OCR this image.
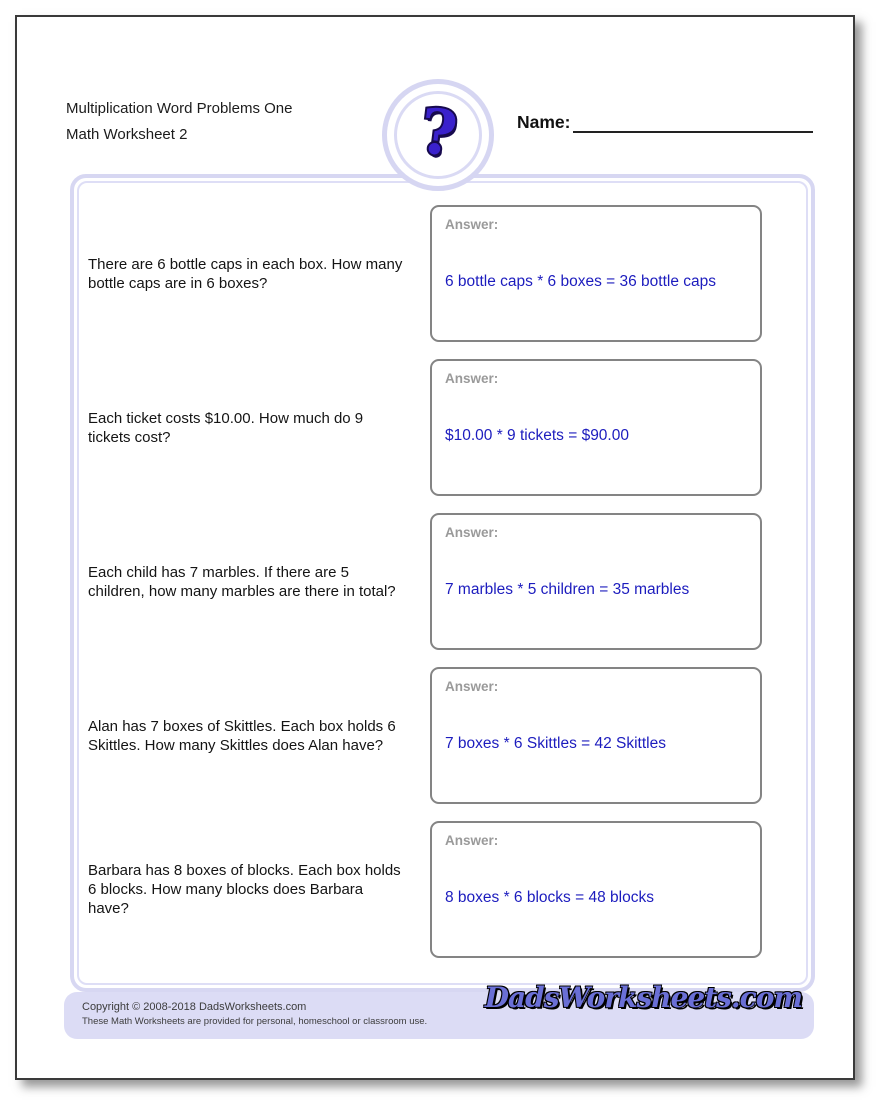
Multiplication Word Problems One
Math Worksheet 2	?	Name:
There are 6 bottle caps in each box. How many bottle caps are in 6 boxes?
Answer:
6 bottle caps * 6 boxes = 36 bottle caps
Each ticket costs $10.00. How much do 9 tickets cost?
Answer:
$10.00 * 9 tickets = $90.00
Each child has 7 marbles. If there are 5 children, how many marbles are there in total?
Answer:
7 marbles * 5 children = 35 marbles
Alan has 7 boxes of Skittles. Each box holds 6 Skittles. How many Skittles does Alan have?
Answer:
7 boxes * 6 Skittles = 42 Skittles
Barbara has 8 boxes of blocks. Each box holds 6 blocks. How many blocks does Barbara have?
Answer:
8 boxes * 6 blocks = 48 blocks
Copyright © 2008-2018 DadsWorksheets.com
These Math Worksheets are provided for personal, homeschool or classroom use.
DadsWorksheets.com
